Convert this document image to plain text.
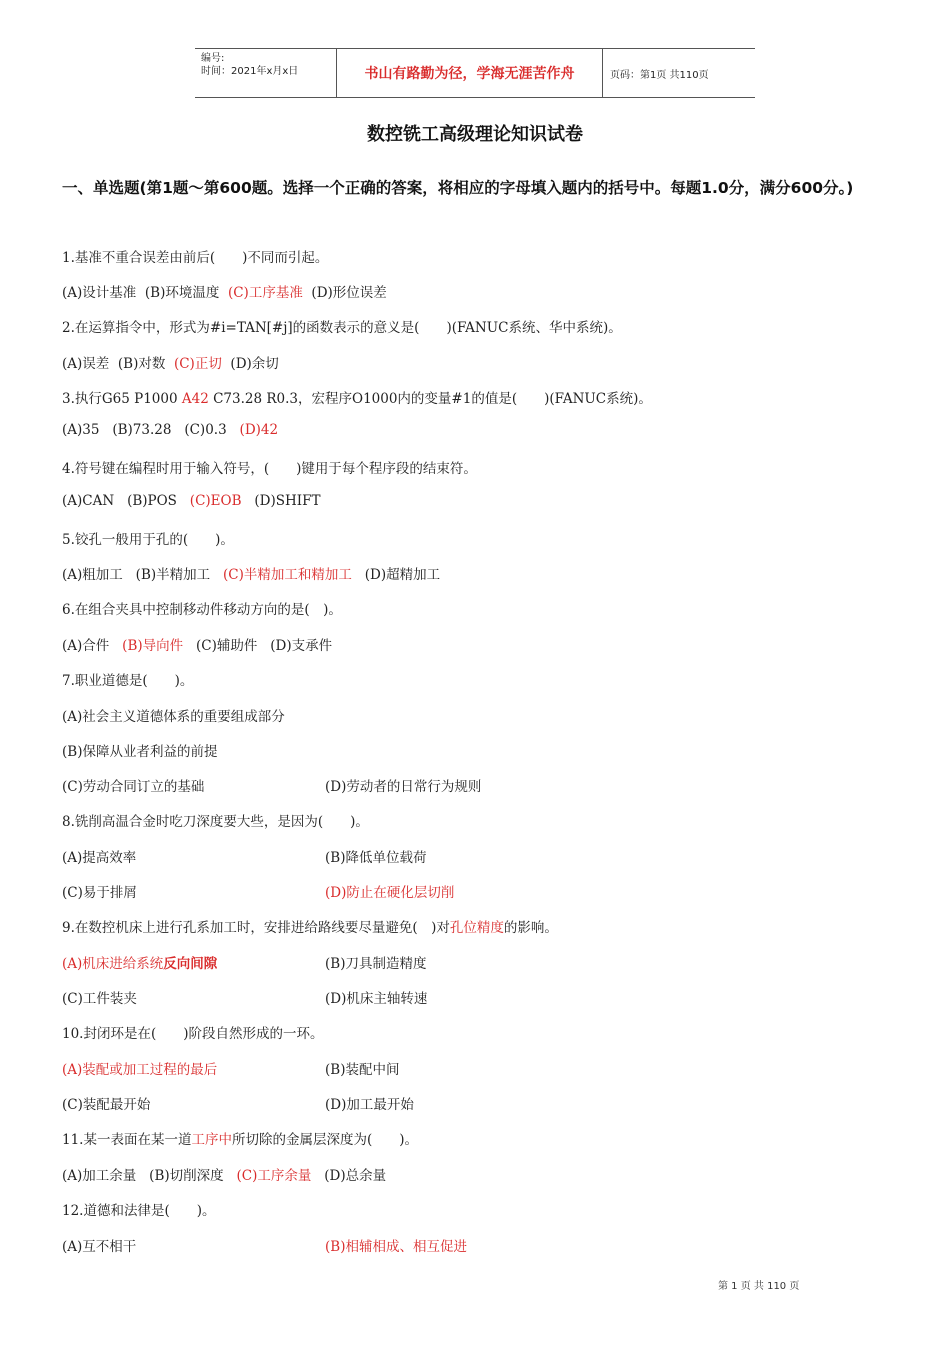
编号:
时间：2021年x月x日	书山有路勤为径，学海无涯苦作舟	页码：第1页 共110页
数控铣工高级理论知识试卷
一、单选题(第1题～第600题。选择一个正确的答案，将相应的字母填入题内的括号中。每题1.0分，满分600分。)
1.基准不重合误差由前后(　　)不同而引起。
(A)设计基准 (B)环境温度 (C)工序基准 (D)形位误差
2.在运算指令中，形式为#i=TAN[#j]的函数表示的意义是(　　)(FANUC系统、华中系统)。
(A)误差 (B)对数 (C)正切 (D)余切
3.执行G65 P1000 A42 C73.28 R0.3，宏程序O1000内的变量#1的值是(　　)(FANUC系统)。
(A)35 (B)73.28 (C)0.3 (D)42
4.符号键在编程时用于输入符号，(　　)键用于每个程序段的结束符。
(A)CAN (B)POS (C)EOB (D)SHIFT
5.铰孔一般用于孔的(　　)。
(A)粗加工 (B)半精加工 (C)半精加工和精加工 (D)超精加工
6.在组合夹具中控制移动件移动方向的是(　)。
(A)合件 (B)导向件 (C)辅助件 (D)支承件
7.职业道德是(　　)。
(A)社会主义道德体系的重要组成部分
(B)保障从业者利益的前提
(C)劳动合同订立的基础	(D)劳动者的日常行为规则
8.铣削高温合金时吃刀深度要大些，是因为(　　)。
(A)提高效率	(B)降低单位载荷
(C)易于排屑	(D)防止在硬化层切削
9.在数控机床上进行孔系加工时，安排进给路线要尽量避免(　)对孔位精度的影响。
(A)机床进给系统反向间隙	(B)刀具制造精度
(C)工件装夹	(D)机床主轴转速
10.封闭环是在(　　)阶段自然形成的一环。
(A)装配或加工过程的最后	(B)装配中间
(C)装配最开始	(D)加工最开始
11.某一表面在某一道工序中所切除的金属层深度为(　　)。
(A)加工余量 (B)切削深度 (C)工序余量 (D)总余量
12.道德和法律是(　　)。
(A)互不相干	(B)相辅相成、相互促进
第 1 页 共 110 页
